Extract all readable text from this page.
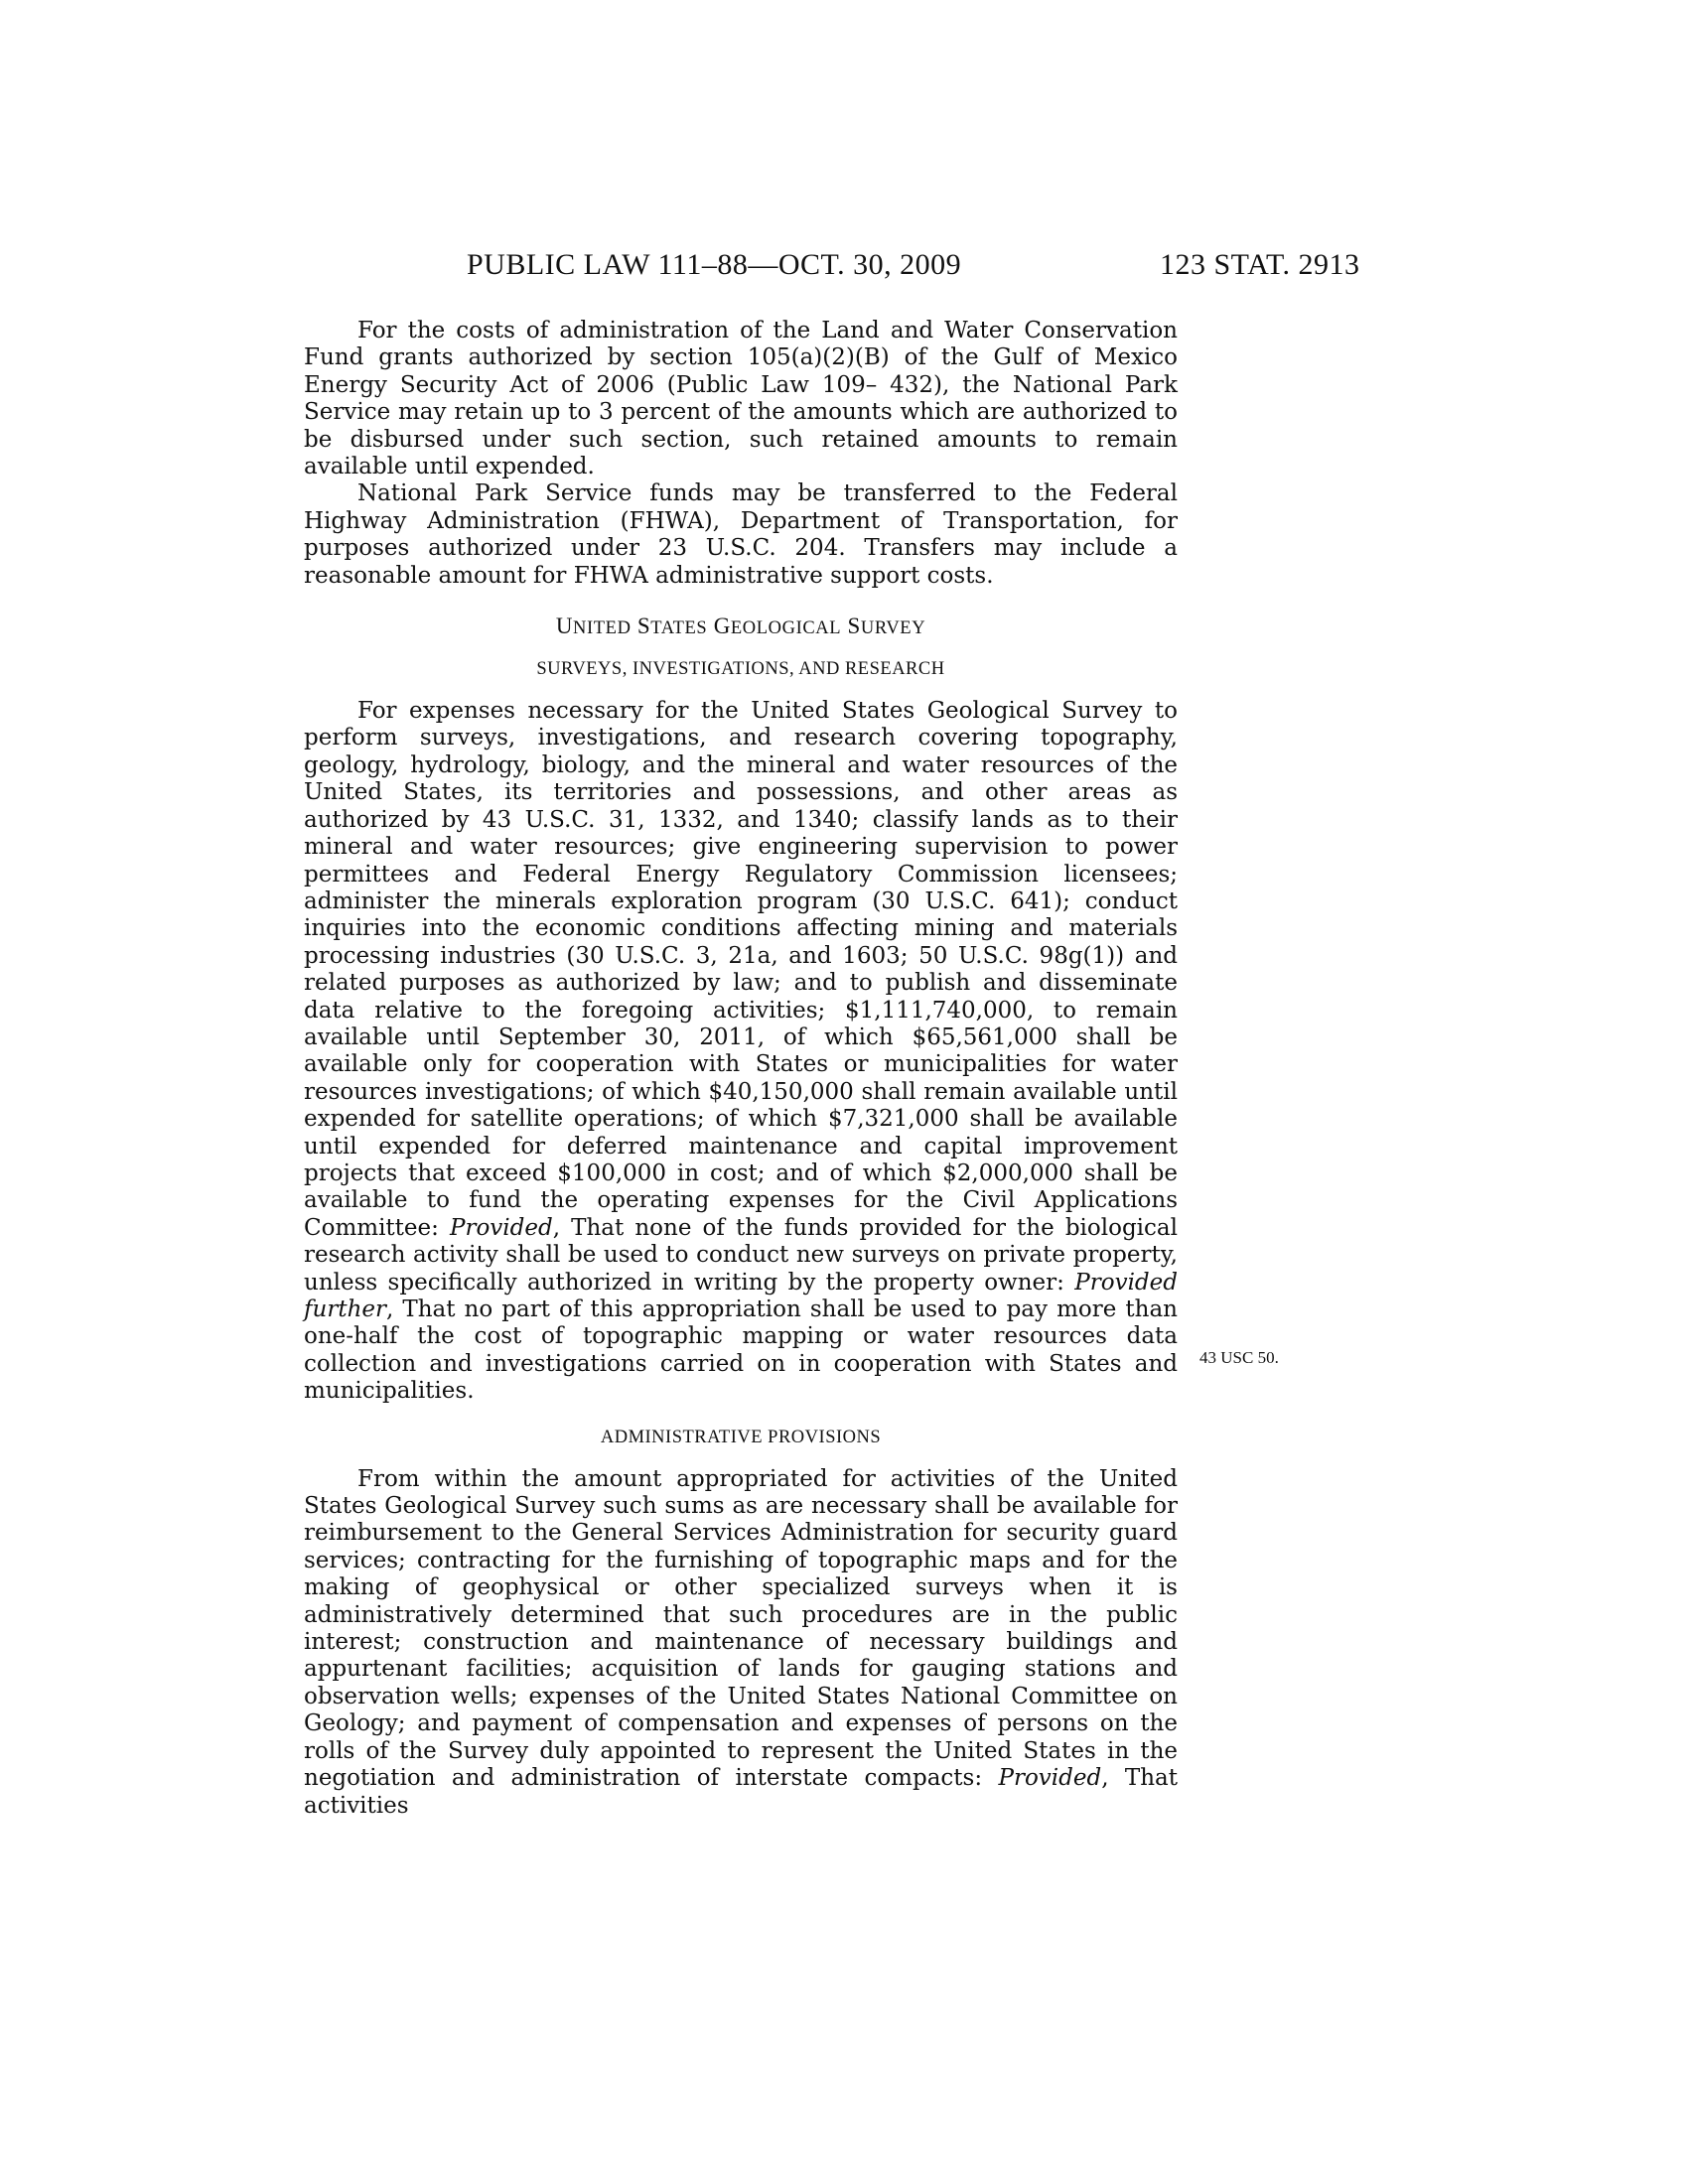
PUBLIC LAW 111–88—OCT. 30, 2009	123 STAT. 2913

For the costs of administration of the Land and Water Conservation Fund grants authorized by section 105(a)(2)(B) of the Gulf of Mexico Energy Security Act of 2006 (Public Law 109– 432), the National Park Service may retain up to 3 percent of the amounts which are authorized to be disbursed under such section, such retained amounts to remain available until expended.

National Park Service funds may be transferred to the Federal Highway Administration (FHWA), Department of Transportation, for purposes authorized under 23 U.S.C. 204. Transfers may include a reasonable amount for FHWA administrative support costs.

UNITED STATES GEOLOGICAL SURVEY

SURVEYS, INVESTIGATIONS, AND RESEARCH

For expenses necessary for the United States Geological Survey to perform surveys, investigations, and research covering topography, geology, hydrology, biology, and the mineral and water resources of the United States, its territories and possessions, and other areas as authorized by 43 U.S.C. 31, 1332, and 1340; classify lands as to their mineral and water resources; give engineering supervision to power permittees and Federal Energy Regulatory Commission licensees; administer the minerals exploration program (30 U.S.C. 641); conduct inquiries into the economic conditions affecting mining and materials processing industries (30 U.S.C. 3, 21a, and 1603; 50 U.S.C. 98g(1)) and related purposes as authorized by law; and to publish and disseminate data relative to the foregoing activities; $1,111,740,000, to remain available until September 30, 2011, of which $65,561,000 shall be available only for cooperation with States or municipalities for water resources investigations; of which $40,150,000 shall remain available until expended for satellite operations; of which $7,321,000 shall be available until expended for deferred maintenance and capital improvement projects that exceed $100,000 in cost; and of which $2,000,000 shall be available to fund the operating expenses for the Civil Applications Committee: Provided, That none of the funds provided for the biological research activity shall be used to conduct new surveys on private property, unless specifically authorized in writing by the property owner: Provided further, That no part of this appropriation shall be used to pay more than one-half the cost of topographic mapping or water resources data collection and investigations carried on in cooperation with States and municipalities.

ADMINISTRATIVE PROVISIONS

From within the amount appropriated for activities of the United States Geological Survey such sums as are necessary shall be available for reimbursement to the General Services Administration for security guard services; contracting for the furnishing of topographic maps and for the making of geophysical or other specialized surveys when it is administratively determined that such procedures are in the public interest; construction and maintenance of necessary buildings and appurtenant facilities; acquisition of lands for gauging stations and observation wells; expenses of the United States National Committee on Geology; and payment of compensation and expenses of persons on the rolls of the Survey duly appointed to represent the United States in the negotiation and administration of interstate compacts: Provided, That activities

43 USC 50.
